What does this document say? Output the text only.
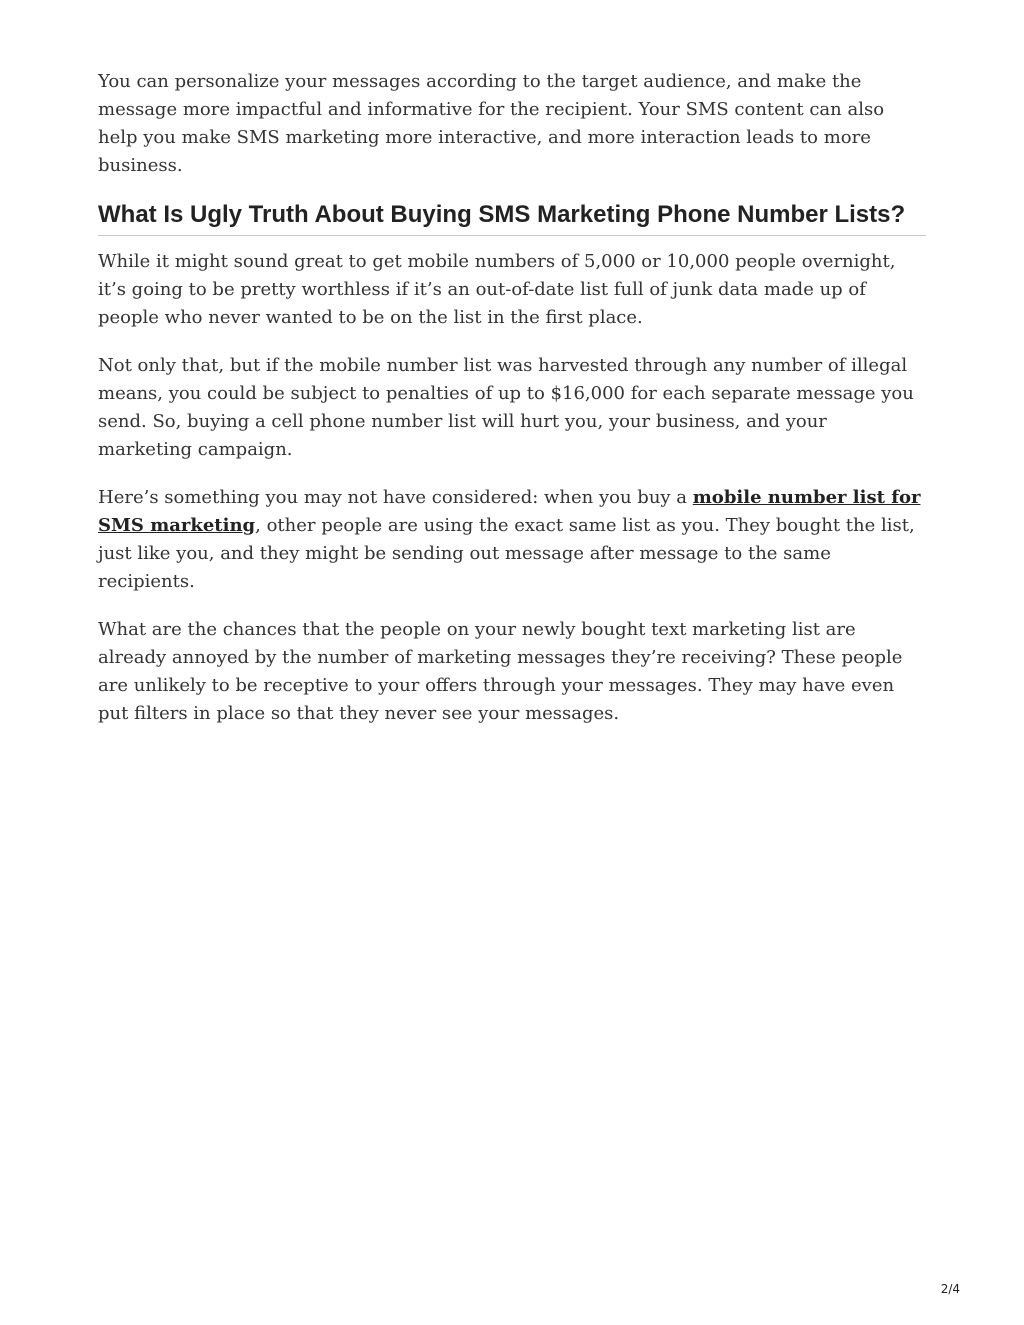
You can personalize your messages according to the target audience, and make the message more impactful and informative for the recipient. Your SMS content can also help you make SMS marketing more interactive, and more interaction leads to more business.

What Is Ugly Truth About Buying SMS Marketing Phone Number Lists?

While it might sound great to get mobile numbers of 5,000 or 10,000 people overnight, it’s going to be pretty worthless if it’s an out-of-date list full of junk data made up of people who never wanted to be on the list in the first place.

Not only that, but if the mobile number list was harvested through any number of illegal means, you could be subject to penalties of up to $16,000 for each separate message you send. So, buying a cell phone number list will hurt you, your business, and your marketing campaign.

Here’s something you may not have considered: when you buy a mobile number list for SMS marketing, other people are using the exact same list as you. They bought the list, just like you, and they might be sending out message after message to the same recipients.

What are the chances that the people on your newly bought text marketing list are already annoyed by the number of marketing messages they’re receiving? These people are unlikely to be receptive to your offers through your messages. They may have even put filters in place so that they never see your messages.

2/4
